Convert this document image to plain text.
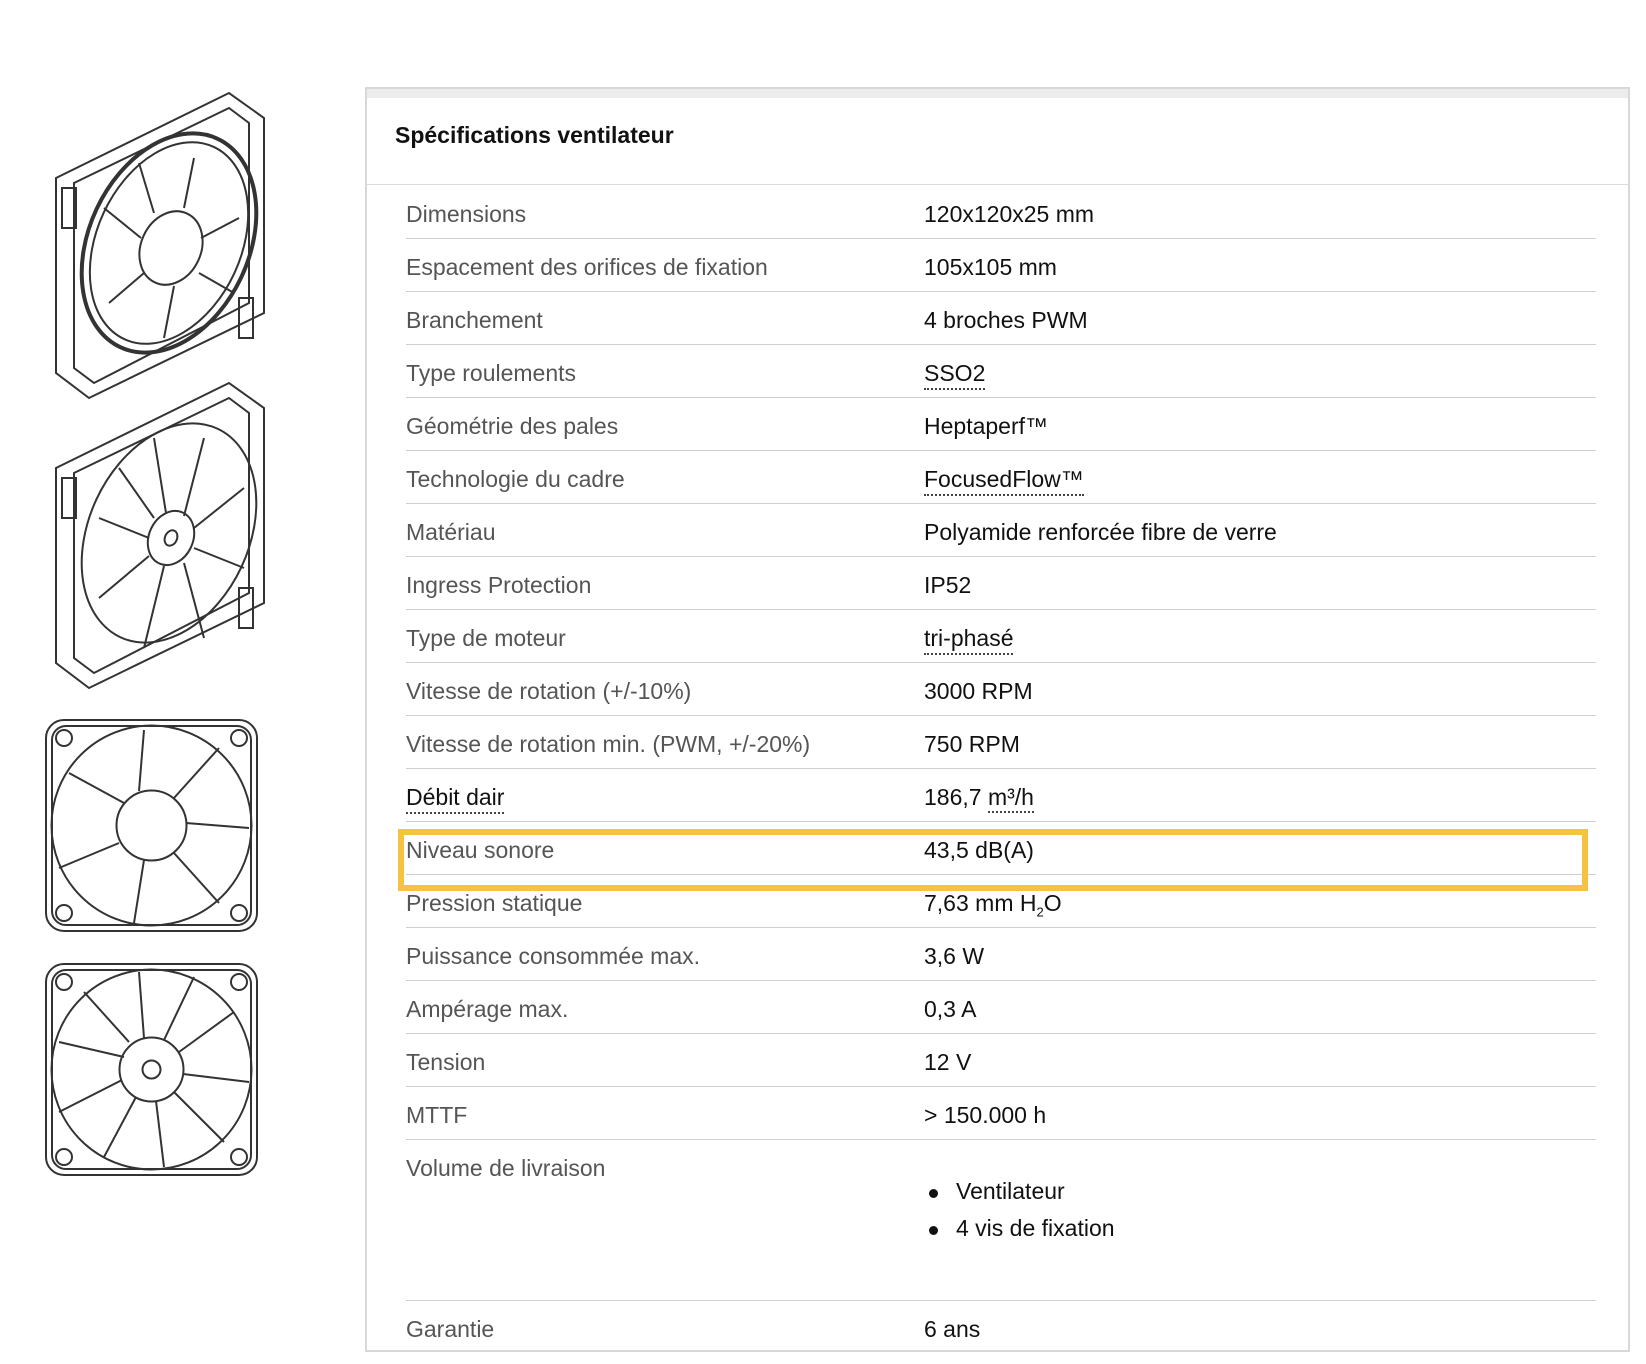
Spécifications ventilateur
Dimensions	120x120x25 mm
Espacement des orifices de fixation	105x105 mm
Branchement	4 broches PWM
Type roulements	SSO2
Géométrie des pales	Heptaperf™
Technologie du cadre	FocusedFlow™
Matériau	Polyamide renforcée fibre de verre
Ingress Protection	IP52
Type de moteur	tri-phasé
Vitesse de rotation (+/-10%)	3000 RPM
Vitesse de rotation min. (PWM, +/-20%)	750 RPM
Débit dair	186,7 m³/h
Niveau sonore	43,5 dB(A)
Pression statique	7,63 mm $H_2O$
Puissance consommée max.	3,6 W
Ampérage max.	0,3 A
Tension	12 V
MTTF	> 150.000 h
Volume de livraison
Ventilateur
4 vis de fixation
Garantie	6 ans
